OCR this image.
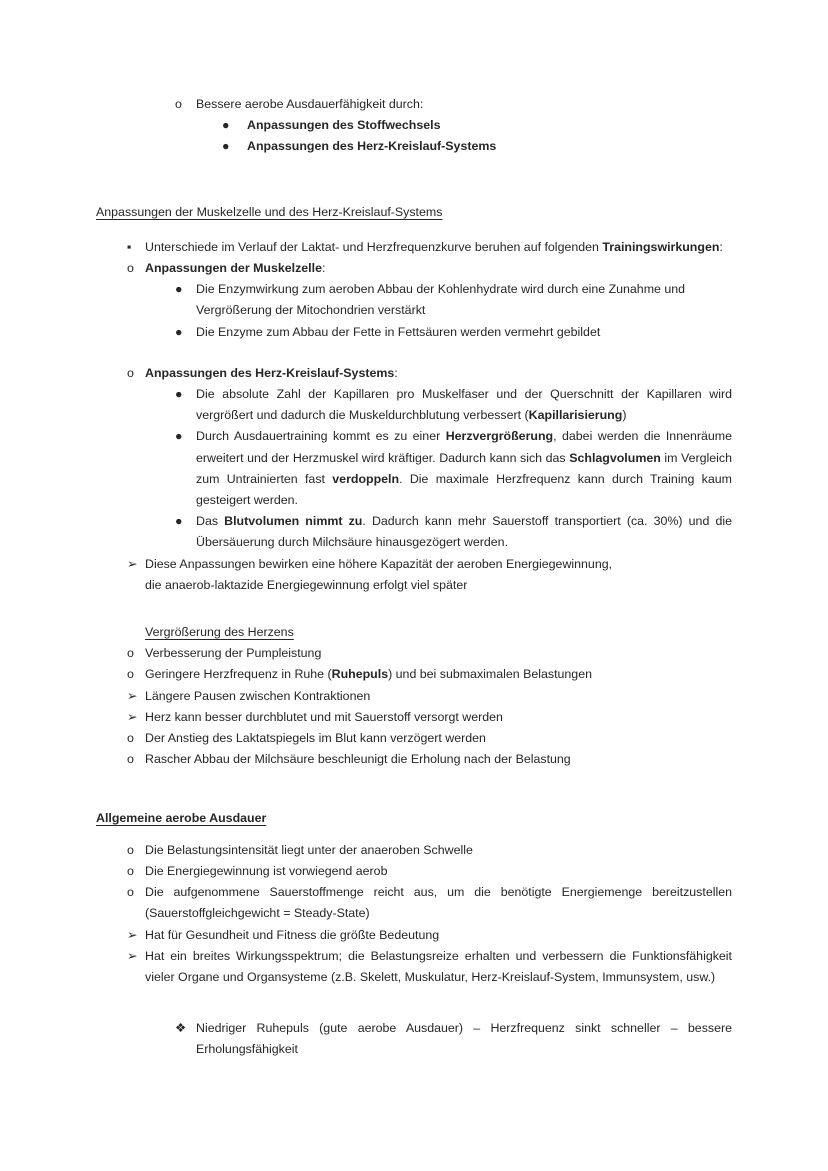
o	Bessere aerobe Ausdauerfähigkeit durch:
●	Anpassungen des Stoffwechsels
●	Anpassungen des Herz-Kreislauf-Systems
Anpassungen der Muskelzelle und des Herz-Kreislauf-Systems
▪	Unterschiede im Verlauf der Laktat- und Herzfrequenzkurve beruhen auf folgenden Trainingswirkungen:
o Anpassungen der Muskelzelle:
●	Die Enzymwirkung zum aeroben Abbau der Kohlenhydrate wird durch eine Zunahme und Vergrößerung der Mitochondrien verstärkt
●	Die Enzyme zum Abbau der Fette in Fettsäuren werden vermehrt gebildet
o Anpassungen des Herz-Kreislauf-Systems:
●	Die absolute Zahl der Kapillaren pro Muskelfaser und der Querschnitt der Kapillaren wird vergrößert und dadurch die Muskeldurchblutung verbessert (Kapillarisierung)
●	Durch Ausdauertraining kommt es zu einer Herzvergrößerung, dabei werden die Innenräume erweitert und der Herzmuskel wird kräftiger. Dadurch kann sich das Schlagvolumen im Vergleich zum Untrainierten fast verdoppeln. Die maximale Herzfrequenz kann durch Training kaum gesteigert werden.
●	Das Blutvolumen nimmt zu. Dadurch kann mehr Sauerstoff transportiert (ca. 30%) und die Übersäuerung durch Milchsäure hinausgezögert werden.
➢ Diese Anpassungen bewirken eine höhere Kapazität der aeroben Energiegewinnung,
die anaerob-laktazide Energiegewinnung erfolgt viel später
Vergrößerung des Herzens
o Verbesserung der Pumpleistung
o Geringere Herzfrequenz in Ruhe (Ruhepuls) und bei submaximalen Belastungen
➢ Längere Pausen zwischen Kontraktionen
➢ Herz kann besser durchblutet und mit Sauerstoff versorgt werden
o Der Anstieg des Laktatspiegels im Blut kann verzögert werden
o Rascher Abbau der Milchsäure beschleunigt die Erholung nach der Belastung
Allgemeine aerobe Ausdauer
o Die Belastungsintensität liegt unter der anaeroben Schwelle
o Die Energiegewinnung ist vorwiegend aerob
o Die aufgenommene Sauerstoffmenge reicht aus, um die benötigte Energiemenge bereitzustellen (Sauerstoffgleichgewicht = Steady-State)
➢ Hat für Gesundheit und Fitness die größte Bedeutung
➢ Hat ein breites Wirkungsspektrum; die Belastungsreize erhalten und verbessern die Funktionsfähigkeit vieler Organe und Organsysteme (z.B. Skelett, Muskulatur, Herz-Kreislauf-System, Immunsystem, usw.)
❖ Niedriger Ruhepuls (gute aerobe Ausdauer) – Herzfrequenz sinkt schneller – bessere Erholungsfähigkeit
